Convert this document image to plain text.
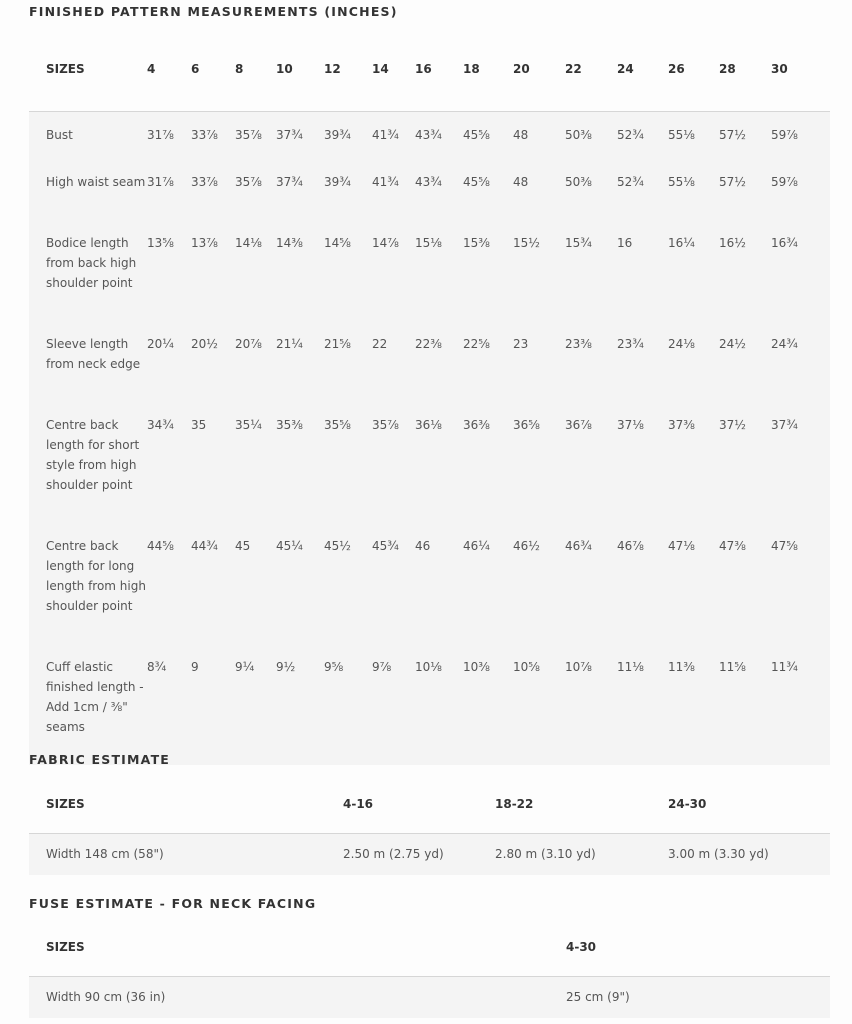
FINISHED PATTERN MEASUREMENTS (INCHES)
SIZES	4	6	8	10	12	14	16	18	20	22	24	26	28	30
Bust	31⅞	33⅞	35⅞	37¾	39¾	41¾	43¾	45⅝	48	50⅜	52¾	55⅛	57½	59⅞
High waist seam	31⅞	33⅞	35⅞	37¾	39¾	41¾	43¾	45⅝	48	50⅜	52¾	55⅛	57½	59⅞
Bodice length from back high shoulder point	13⅝	13⅞	14⅛	14⅜	14⅝	14⅞	15⅛	15⅜	15½	15¾	16	16¼	16½	16¾
Sleeve length from neck edge	20¼	20½	20⅞	21¼	21⅝	22	22⅜	22⅝	23	23⅜	23¾	24⅛	24½	24¾
Centre back length for short style from high shoulder point	34¾	35	35¼	35⅜	35⅝	35⅞	36⅛	36⅜	36⅝	36⅞	37⅛	37⅜	37½	37¾
Centre back length for long length from high shoulder point	44⅝	44¾	45	45¼	45½	45¾	46	46¼	46½	46¾	46⅞	47⅛	47⅜	47⅝
Cuff elastic finished length - Add 1cm / ⅜" seams	8¾	9	9¼	9½	9⅝	9⅞	10⅛	10⅜	10⅝	10⅞	11⅛	11⅜	11⅝	11¾
FABRIC ESTIMATE
SIZES	4-16	18-22	24-30
Width 148 cm (58")	2.50 m (2.75 yd)	2.80 m (3.10 yd)	3.00 m (3.30 yd)
FUSE ESTIMATE - FOR NECK FACING
SIZES	4-30
Width 90 cm (36 in)	25 cm (9")
